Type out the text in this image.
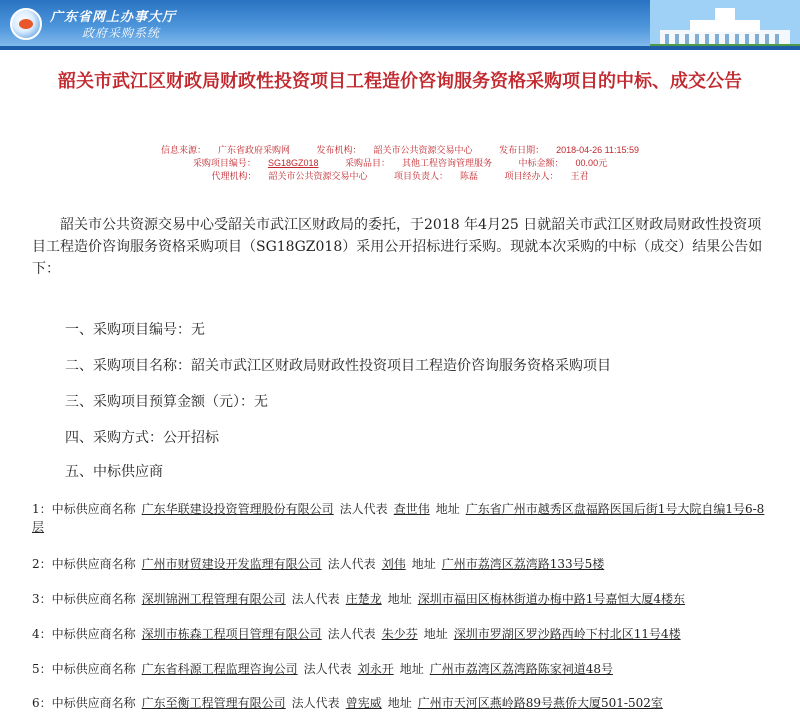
广东省网上办事大厅
政府采购系统
韶关市武江区财政局财政性投资项目工程造价咨询服务资格采购项目的中标、成交公告
信息来源： 广东省政府采购网	发布机构： 韶关市公共资源交易中心	发布日期： 2018-04-26 11:15:59
采购项目编号： SG18GZ018	采购品目： 其他工程咨询管理服务	中标金额： 00.00元
代理机构： 韶关市公共资源交易中心	项目负责人： 陈磊	项目经办人： 王君

韶关市公共资源交易中心受韶关市武江区财政局的委托，于2018 年4月25 日就韶关市武江区财政局财政性投资项目工程造价咨询服务资格采购项目（SG18GZ018）采用公开招标进行采购。现就本次采购的中标（成交）结果公告如下：

一、采购项目编号：无
二、采购项目名称：韶关市武江区财政局财政性投资项目工程造价咨询服务资格采购项目
三、采购项目预算金额（元）：无
四、采购方式：公开招标
五、中标供应商
1：中标供应商名称 广东华联建设投资管理股份有限公司 法人代表 查世伟 地址 广东省广州市越秀区盘福路医国后街1号大院自编1号6-8层
2：中标供应商名称 广州市财贸建设开发监理有限公司 法人代表 刘伟 地址 广州市荔湾区荔湾路133号5楼
3：中标供应商名称 深圳锦洲工程管理有限公司 法人代表 庄楚龙 地址 深圳市福田区梅林街道办梅中路1号嘉恒大厦4楼东
4：中标供应商名称 深圳市栋森工程项目管理有限公司 法人代表 朱少芬 地址 深圳市罗湖区罗沙路西岭下村北区11号4楼
5：中标供应商名称 广东省科源工程监理咨询公司 法人代表 刘永开 地址 广州市荔湾区荔湾路陈家祠道48号
6：中标供应商名称 广东至衡工程管理有限公司 法人代表 曾宪威 地址 广州市天河区燕岭路89号燕侨大厦501-502室
